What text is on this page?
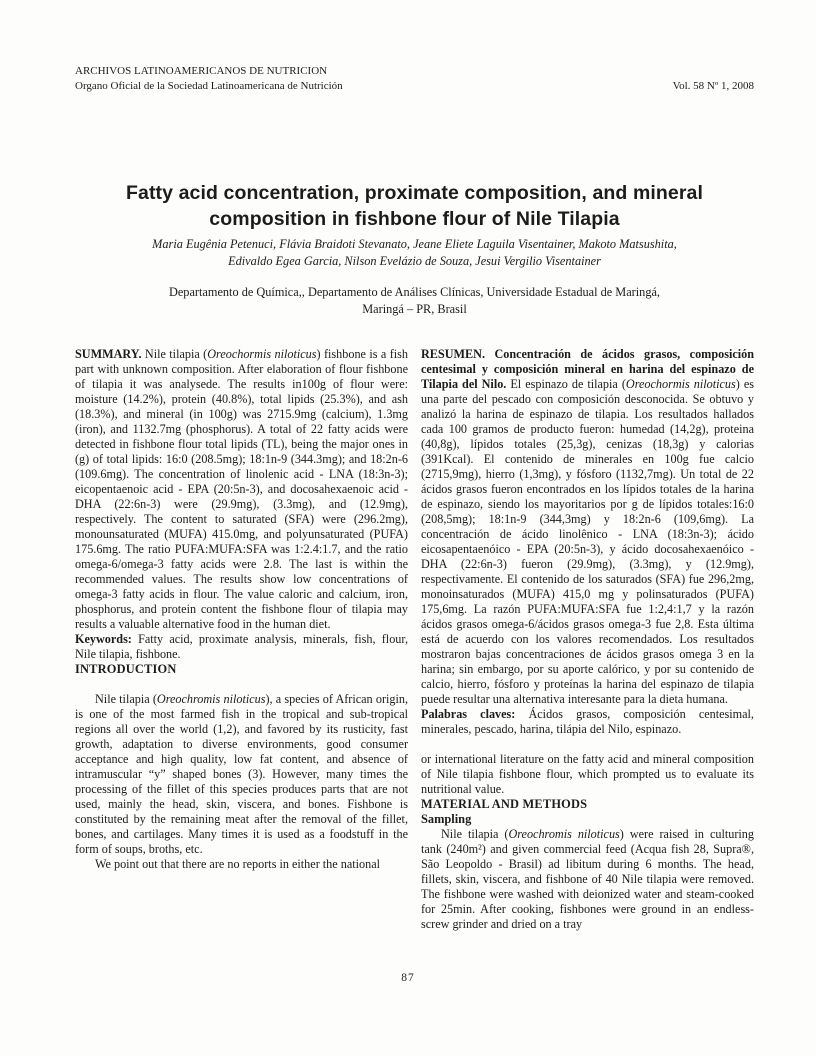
ARCHIVOS LATINOAMERICANOS DE NUTRICION
Organo Oficial de la Sociedad Latinoamericana de Nutrición	Vol. 58 Nº 1, 2008
Fatty acid concentration, proximate composition, and mineral composition in fishbone flour of Nile Tilapia
Maria Eugênia Petenuci, Flávia Braidoti Stevanato, Jeane Eliete Laguila Visentainer, Makoto Matsushita,
Edivaldo Egea Garcia, Nilson Evelázio de Souza, Jesui Vergilio Visentainer
Departamento de Química,, Departamento de Análises Clínicas, Universidade Estadual de Maringá,
Maringá – PR, Brasil

SUMMARY. Nile tilapia (Oreochormis niloticus) fishbone is a fish part with unknown composition. After elaboration of flour fishbone of tilapia it was analysede. The results in100g of flour were: moisture (14.2%), protein (40.8%), total lipids (25.3%), and ash (18.3%), and mineral (in 100g) was 2715.9mg (calcium), 1.3mg (iron), and 1132.7mg (phosphorus). A total of 22 fatty acids were detected in fishbone flour total lipids (TL), being the major ones in (g) of total lipids: 16:0 (208.5mg); 18:1n-9 (344.3mg); and 18:2n-6 (109.6mg). The concentration of linolenic acid - LNA (18:3n-3); eicopentaenoic acid - EPA (20:5n-3), and docosahexaenoic acid - DHA (22:6n-3) were (29.9mg), (3.3mg), and (12.9mg), respectively. The content to saturated (SFA) were (296.2mg), monounsaturated (MUFA) 415.0mg, and polyunsaturated (PUFA) 175.6mg. The ratio PUFA:MUFA:SFA was 1:2.4:1.7, and the ratio omega-6/omega-3 fatty acids were 2.8. The last is within the recommended values. The results show low concentrations of omega-3 fatty acids in flour. The value caloric and calcium, iron, phosphorus, and protein content the fishbone flour of tilapia may results a valuable alternative food in the human diet.

Keywords: Fatty acid, proximate analysis, minerals, fish, flour, Nile tilapia, fishbone.

INTRODUCTION

Nile tilapia (Oreochromis niloticus), a species of African origin, is one of the most farmed fish in the tropical and sub-tropical regions all over the world (1,2), and favored by its rusticity, fast growth, adaptation to diverse environments, good consumer acceptance and high quality, low fat content, and absence of intramuscular “y” shaped bones (3). However, many times the processing of the fillet of this species produces parts that are not used, mainly the head, skin, viscera, and bones. Fishbone is constituted by the remaining meat after the removal of the fillet, bones, and cartilages. Many times it is used as a foodstuff in the form of soups, broths, etc.

We point out that there are no reports in either the national

RESUMEN. Concentración de ácidos grasos, composición centesimal y composición mineral en harina del espinazo de Tilapia del Nilo. El espinazo de tilapia (Oreochormis niloticus) es una parte del pescado con composición desconocida. Se obtuvo y analizó la harina de espinazo de tilapia. Los resultados hallados cada 100 gramos de producto fueron: humedad (14,2g), proteina (40,8g), lípidos totales (25,3g), cenizas (18,3g) y calorias (391Kcal). El contenido de minerales en 100g fue calcio (2715,9mg), hierro (1,3mg), y fósforo (1132,7mg). Un total de 22 ácidos grasos fueron encontrados en los lípidos totales de la harina de espinazo, siendo los mayoritarios por g de lípidos totales:16:0 (208,5mg); 18:1n-9 (344,3mg) y 18:2n-6 (109,6mg). La concentración de ácido linolênico - LNA (18:3n-3); ácido eicosapentaenóico - EPA (20:5n-3), y ácido docosahexaenóico - DHA (22:6n-3) fueron (29.9mg), (3.3mg), y (12.9mg), respectivamente. El contenido de los saturados (SFA) fue 296,2mg, monoinsaturados (MUFA) 415,0 mg y polinsaturados (PUFA) 175,6mg. La razón PUFA:MUFA:SFA fue 1:2,4:1,7 y la razón ácidos grasos omega-6/ácidos grasos omega-3 fue 2,8. Esta última está de acuerdo con los valores recomendados. Los resultados mostraron bajas concentraciones de ácidos grasos omega 3 en la harina; sin embargo, por su aporte calórico, y por su contenido de calcio, hierro, fósforo y proteínas la harina del espinazo de tilapia puede resultar una alternativa interesante para la dieta humana.

Palabras claves: Ácidos grasos, composición centesimal, minerales, pescado, harina, tilápia del Nilo, espinazo.

or international literature on the fatty acid and mineral composition of Nile tilapia fishbone flour, which prompted us to evaluate its nutritional value.

MATERIAL AND METHODS

Sampling

Nile tilapia (Oreochromis niloticus) were raised in culturing tank (240m²) and given commercial feed (Acqua fish 28, Supra®, São Leopoldo - Brasil) ad libitum during 6 months. The head, fillets, skin, viscera, and fishbone of 40 Nile tilapia were removed. The fishbone were washed with deionized water and steam-cooked for 25min. After cooking, fishbones were ground in an endless-screw grinder and dried on a tray

87
